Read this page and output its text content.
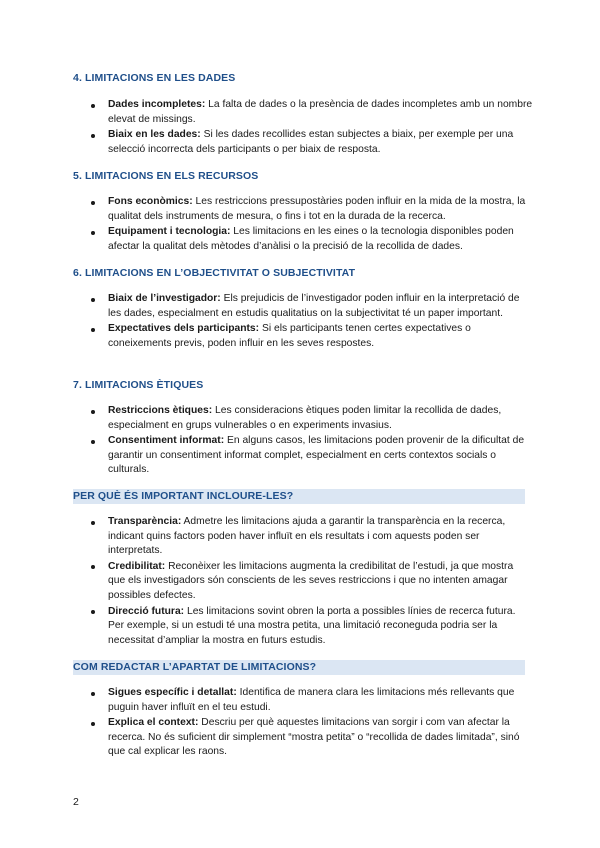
4. LIMITACIONS EN LES DADES
Dades incompletes: La falta de dades o la presència de dades incompletes amb un nombre elevat de missings.
Biaix en les dades: Si les dades recollides estan subjectes a biaix, per exemple per una selecció incorrecta dels participants o per biaix de resposta.
5. LIMITACIONS EN ELS RECURSOS
Fons econòmics: Les restriccions pressupostàries poden influir en la mida de la mostra, la qualitat dels instruments de mesura, o fins i tot en la durada de la recerca.
Equipament i tecnologia: Les limitacions en les eines o la tecnologia disponibles poden afectar la qualitat dels mètodes d’anàlisi o la precisió de la recollida de dades.
6. LIMITACIONS EN L’OBJECTIVITAT O SUBJECTIVITAT
Biaix de l’investigador: Els prejudicis de l’investigador poden influir en la interpretació de les dades, especialment en estudis qualitatius on la subjectivitat té un paper important.
Expectatives dels participants: Si els participants tenen certes expectatives o coneixements previs, poden influir en les seves respostes.
7. LIMITACIONS ÈTIQUES
Restriccions ètiques: Les consideracions ètiques poden limitar la recollida de dades, especialment en grups vulnerables o en experiments invasius.
Consentiment informat: En alguns casos, les limitacions poden provenir de la dificultat de garantir un consentiment informat complet, especialment en certs contextos socials o culturals.
PER QUÈ ÉS IMPORTANT INCLOURE-LES?
Transparència: Admetre les limitacions ajuda a garantir la transparència en la recerca, indicant quins factors poden haver influït en els resultats i com aquests poden ser interpretats.
Credibilitat: Reconèixer les limitacions augmenta la credibilitat de l’estudi, ja que mostra que els investigadors són conscients de les seves restriccions i que no intenten amagar possibles defectes.
Direcció futura: Les limitacions sovint obren la porta a possibles línies de recerca futura. Per exemple, si un estudi té una mostra petita, una limitació reconeguda podria ser la necessitat d’ampliar la mostra en futurs estudis.
COM REDACTAR L’APARTAT DE LIMITACIONS?
Sigues específic i detallat: Identifica de manera clara les limitacions més rellevants que puguin haver influït en el teu estudi.
Explica el context: Descriu per què aquestes limitacions van sorgir i com van afectar la recerca. No és suficient dir simplement “mostra petita” o “recollida de dades limitada”, sinó que cal explicar les raons.
2
